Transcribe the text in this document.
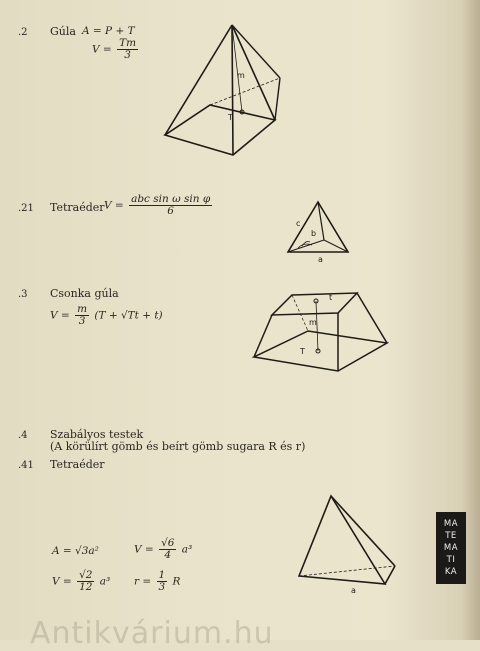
.2 Gúla A = P + T
$V = \frac{Tm}{3}$
m
T
.21 Tetraéder $V = \frac{\text{abc sin ω sin φ}}{6}$
c
b
a
.3 Csonka gúla
$V = \frac{m}{3} (T + √Tt + t)$
t
m
T
.4 Szabályos testek
(A körülírt gömb és beírt gömb sugara R és r)
.41 Tetraéder
A = √3a²	$V = \frac{√6}{4} a^3$
$V = \frac{√2}{12} a^3$ $r = \frac{1}{3}$ R
a
MA
TE
MA
TI
KA
Antikvárium.hu
